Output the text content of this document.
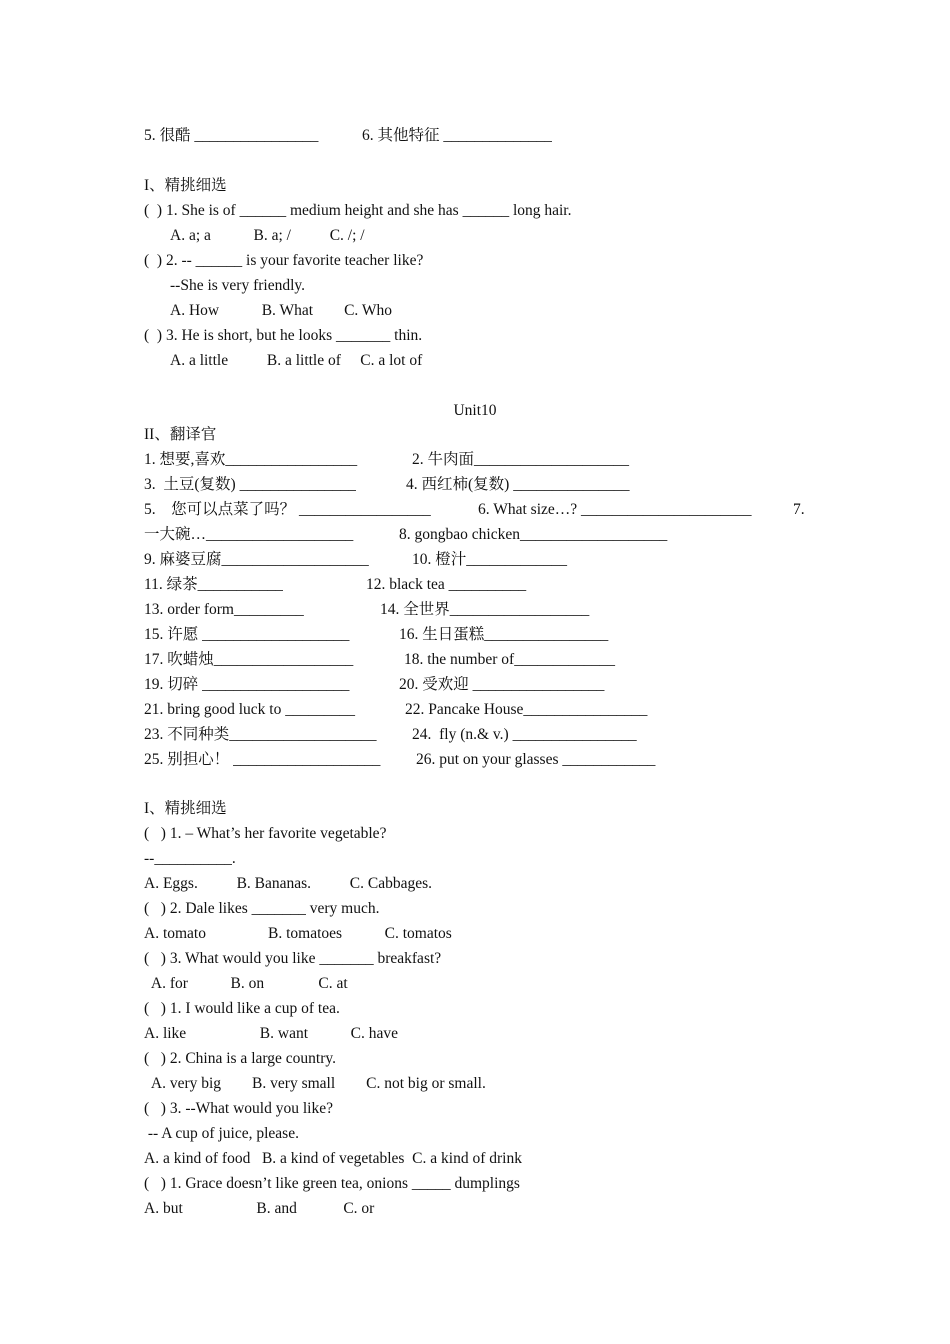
5. 很酷 ________________	6. 其他特征 ______________
I、精挑细选
(  ) 1. She is of ______ medium height and she has ______ long hair.
A. a; a           B. a; /          C. /; /
(  ) 2. -- ______ is your favorite teacher like?
--She is very friendly.
A. How           B. What        C. Who
(  ) 3. He is short, but he looks _______ thin.
A. a little          B. a little of     C. a lot of
Unit10
II、翻译官
1. 想要,喜欢_________________	2. 牛肉面____________________
3.  土豆(复数) _______________	4. 西红柿(复数) _______________
5.    您可以点菜了吗？ _________________	6. What size…? ______________________	7.
一大碗…___________________	8. gongbao chicken___________________
9. 麻婆豆腐___________________	10. 橙汁_____________
11. 绿茶___________	12. black tea __________
13. order form_________	14. 全世界__________________
15. 许愿 ___________________	16. 生日蛋糕________________
17. 吹蜡烛__________________	18. the number of_____________
19. 切碎 ___________________	20. 受欢迎 _________________
21. bring good luck to _________	22. Pancake House________________
23. 不同种类___________________ 24.  fly (n.& v.) ________________
25. 别担心！ ___________________ 26. put on your glasses ____________
I、精挑细选
(   ) 1. – What’s her favorite vegetable?
--__________.
A. Eggs.          B. Bananas.          C. Cabbages.
(   ) 2. Dale likes _______ very much.
A. tomato                B. tomatoes           C. tomatos
(   ) 3. What would you like _______ breakfast?
A. for           B. on              C. at
(   ) 1. I would like a cup of tea.
A. like                   B. want           C. have
(   ) 2. China is a large country.
A. very big        B. very small        C. not big or small.
(   ) 3. --What would you like?
-- A cup of juice, please.
A. a kind of food   B. a kind of vegetables  C. a kind of drink
(   ) 1. Grace doesn’t like green tea, onions _____ dumplings
A. but                   B. and            C. or
